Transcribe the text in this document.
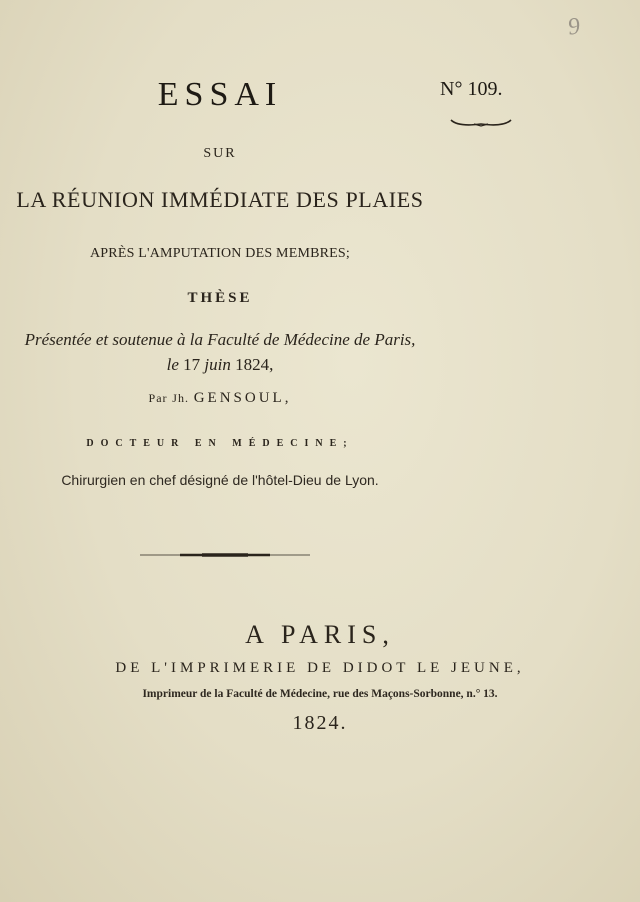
9
ESSAI	N° 109.
SUR
LA RÉUNION IMMÉDIATE DES PLAIES
APRÈS L'AMPUTATION DES MEMBRES;
THÈSE
Présentée et soutenue à la Faculté de Médecine de Paris,
le 17 juin 1824,
Par Jh. GENSOUL,
DOCTEUR EN MÉDECINE;
Chirurgien en chef désigné de l'hôtel-Dieu de Lyon.
A PARIS,
DE L'IMPRIMERIE DE DIDOT LE JEUNE,
Imprimeur de la Faculté de Médecine, rue des Maçons-Sorbonne, n.° 13.
1824.
